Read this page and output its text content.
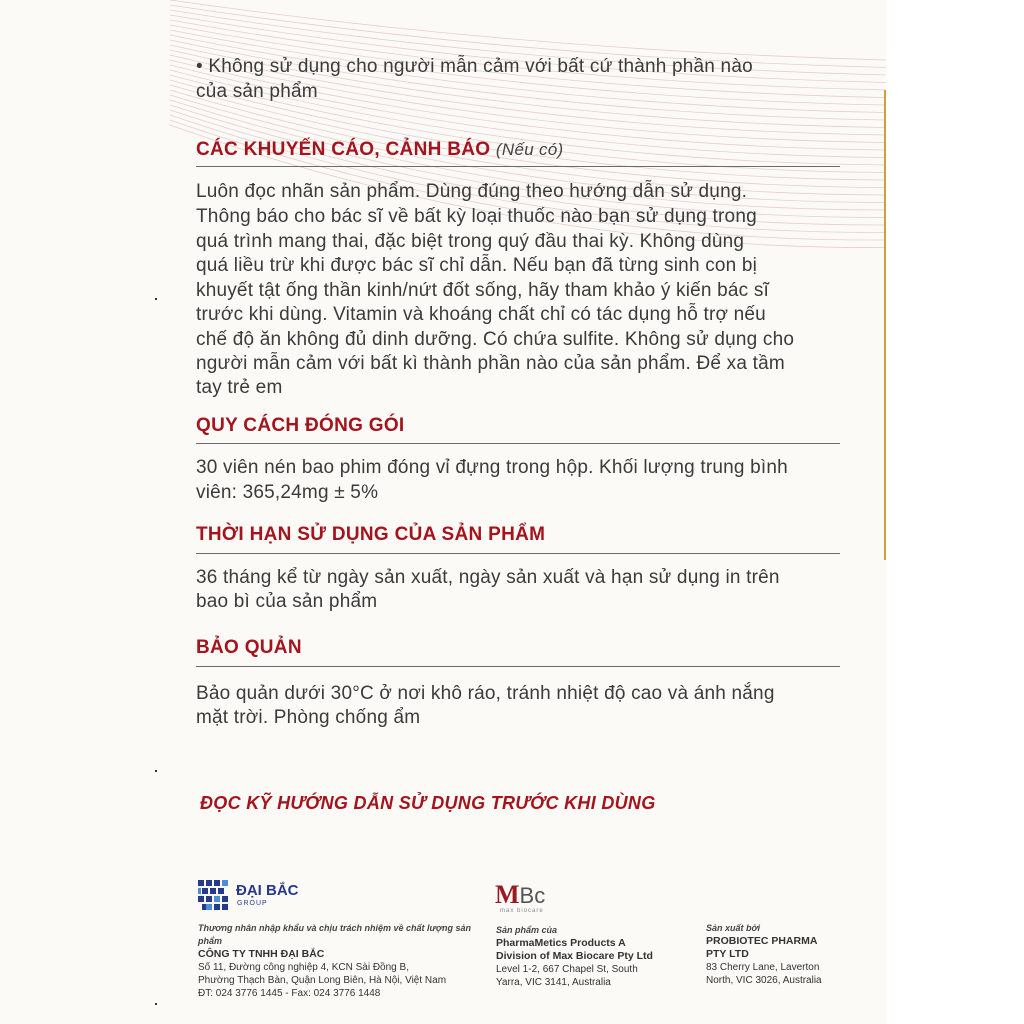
• Không sử dụng cho người mẫn cảm với bất cứ thành phần nào
của sản phẩm
CÁC KHUYẾN CÁO, CẢNH BÁO (Nếu có)
Luôn đọc nhãn sản phẩm. Dùng đúng theo hướng dẫn sử dụng.
Thông báo cho bác sĩ về bất kỳ loại thuốc nào bạn sử dụng trong
quá trình mang thai, đặc biệt trong quý đầu thai kỳ. Không dùng
quá liều trừ khi được bác sĩ chỉ dẫn. Nếu bạn đã từng sinh con bị
khuyết tật ống thần kinh/nứt đốt sống, hãy tham khảo ý kiến bác sĩ
trước khi dùng. Vitamin và khoáng chất chỉ có tác dụng hỗ trợ nếu
chế độ ăn không đủ dinh dưỡng. Có chứa sulfite. Không sử dụng cho
người mẫn cảm với bất kì thành phần nào của sản phẩm. Để xa tầm
tay trẻ em
QUY CÁCH ĐÓNG GÓI
30 viên nén bao phim đóng vỉ đựng trong hộp. Khối lượng trung bình
viên: 365,24mg ± 5%
THỜI HẠN SỬ DỤNG CỦA SẢN PHẨM
36 tháng kể từ ngày sản xuất, ngày sản xuất và hạn sử dụng in trên
bao bì của sản phẩm
BẢO QUẢN
Bảo quản dưới 30°C ở nơi khô ráo, tránh nhiệt độ cao và ánh nắng
mặt trời. Phòng chống ẩm
ĐỌC KỸ HƯỚNG DẪN SỬ DỤNG TRƯỚC KHI DÙNG
ĐẠI BẮC
GROUP
Thương nhân nhập khẩu và chịu trách nhiệm về chất lượng sản phẩm
CÔNG TY TNHH ĐẠI BẮC
Số 11, Đường công nghiệp 4, KCN Sài Đồng B,
Phường Thạch Bàn, Quận Long Biên, Hà Nội, Việt Nam
ĐT: 024 3776 1445 - Fax: 024 3776 1448
MBc
max biocare
Sản phẩm của
PharmaMetics Products A
Division of Max Biocare Pty Ltd
Level 1-2, 667 Chapel St, South
Yarra, VIC 3141, Australia
Sản xuất bởi
PROBIOTEC PHARMA
PTY LTD
83 Cherry Lane, Laverton
North, VIC 3026, Australia
